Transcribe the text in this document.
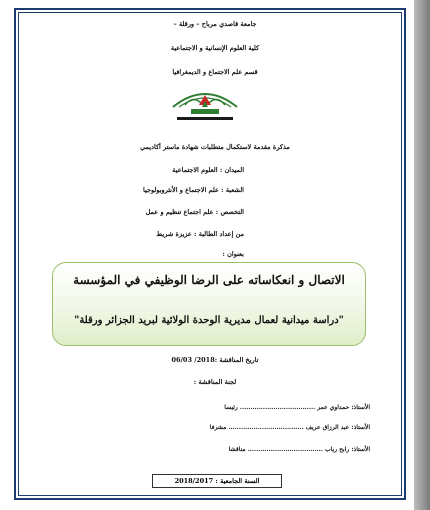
جامعة قاصدي مرباح – ورقلة –
كلية العلوم الإنسانية و الاجتماعية
قسم علم الاجتماع و الديمغرافيا
مذكرة مقدمة لاستكمال متطلبات شهادة ماستر أكاديمي
الميدان : العلوم الاجتماعية
الشعبة : علم الاجتماع و الأنثروبولوجيا
التخصص : علم اجتماع تنظيم و عمل
من إعداد الطالبة : عزيزة شريط
بعنوان :
الاتصال و انعكاساته على الرضا الوظيفي في المؤسسة
"دراسة ميدانية لعمال مديرية الوحدة الولائية لبريد الجزائر ورقلة"
تاريخ المناقشة :2018/ 06/03
لجنة المناقشة :
الأستاذ: حمداوي عمر .................................... رئيسا
الأستاذ: عبد الرزاق عريف .................................... مشرفا
الأستاذ: رابح رياب .................................... مناقشا
السنة الجامعية : 2018/2017
